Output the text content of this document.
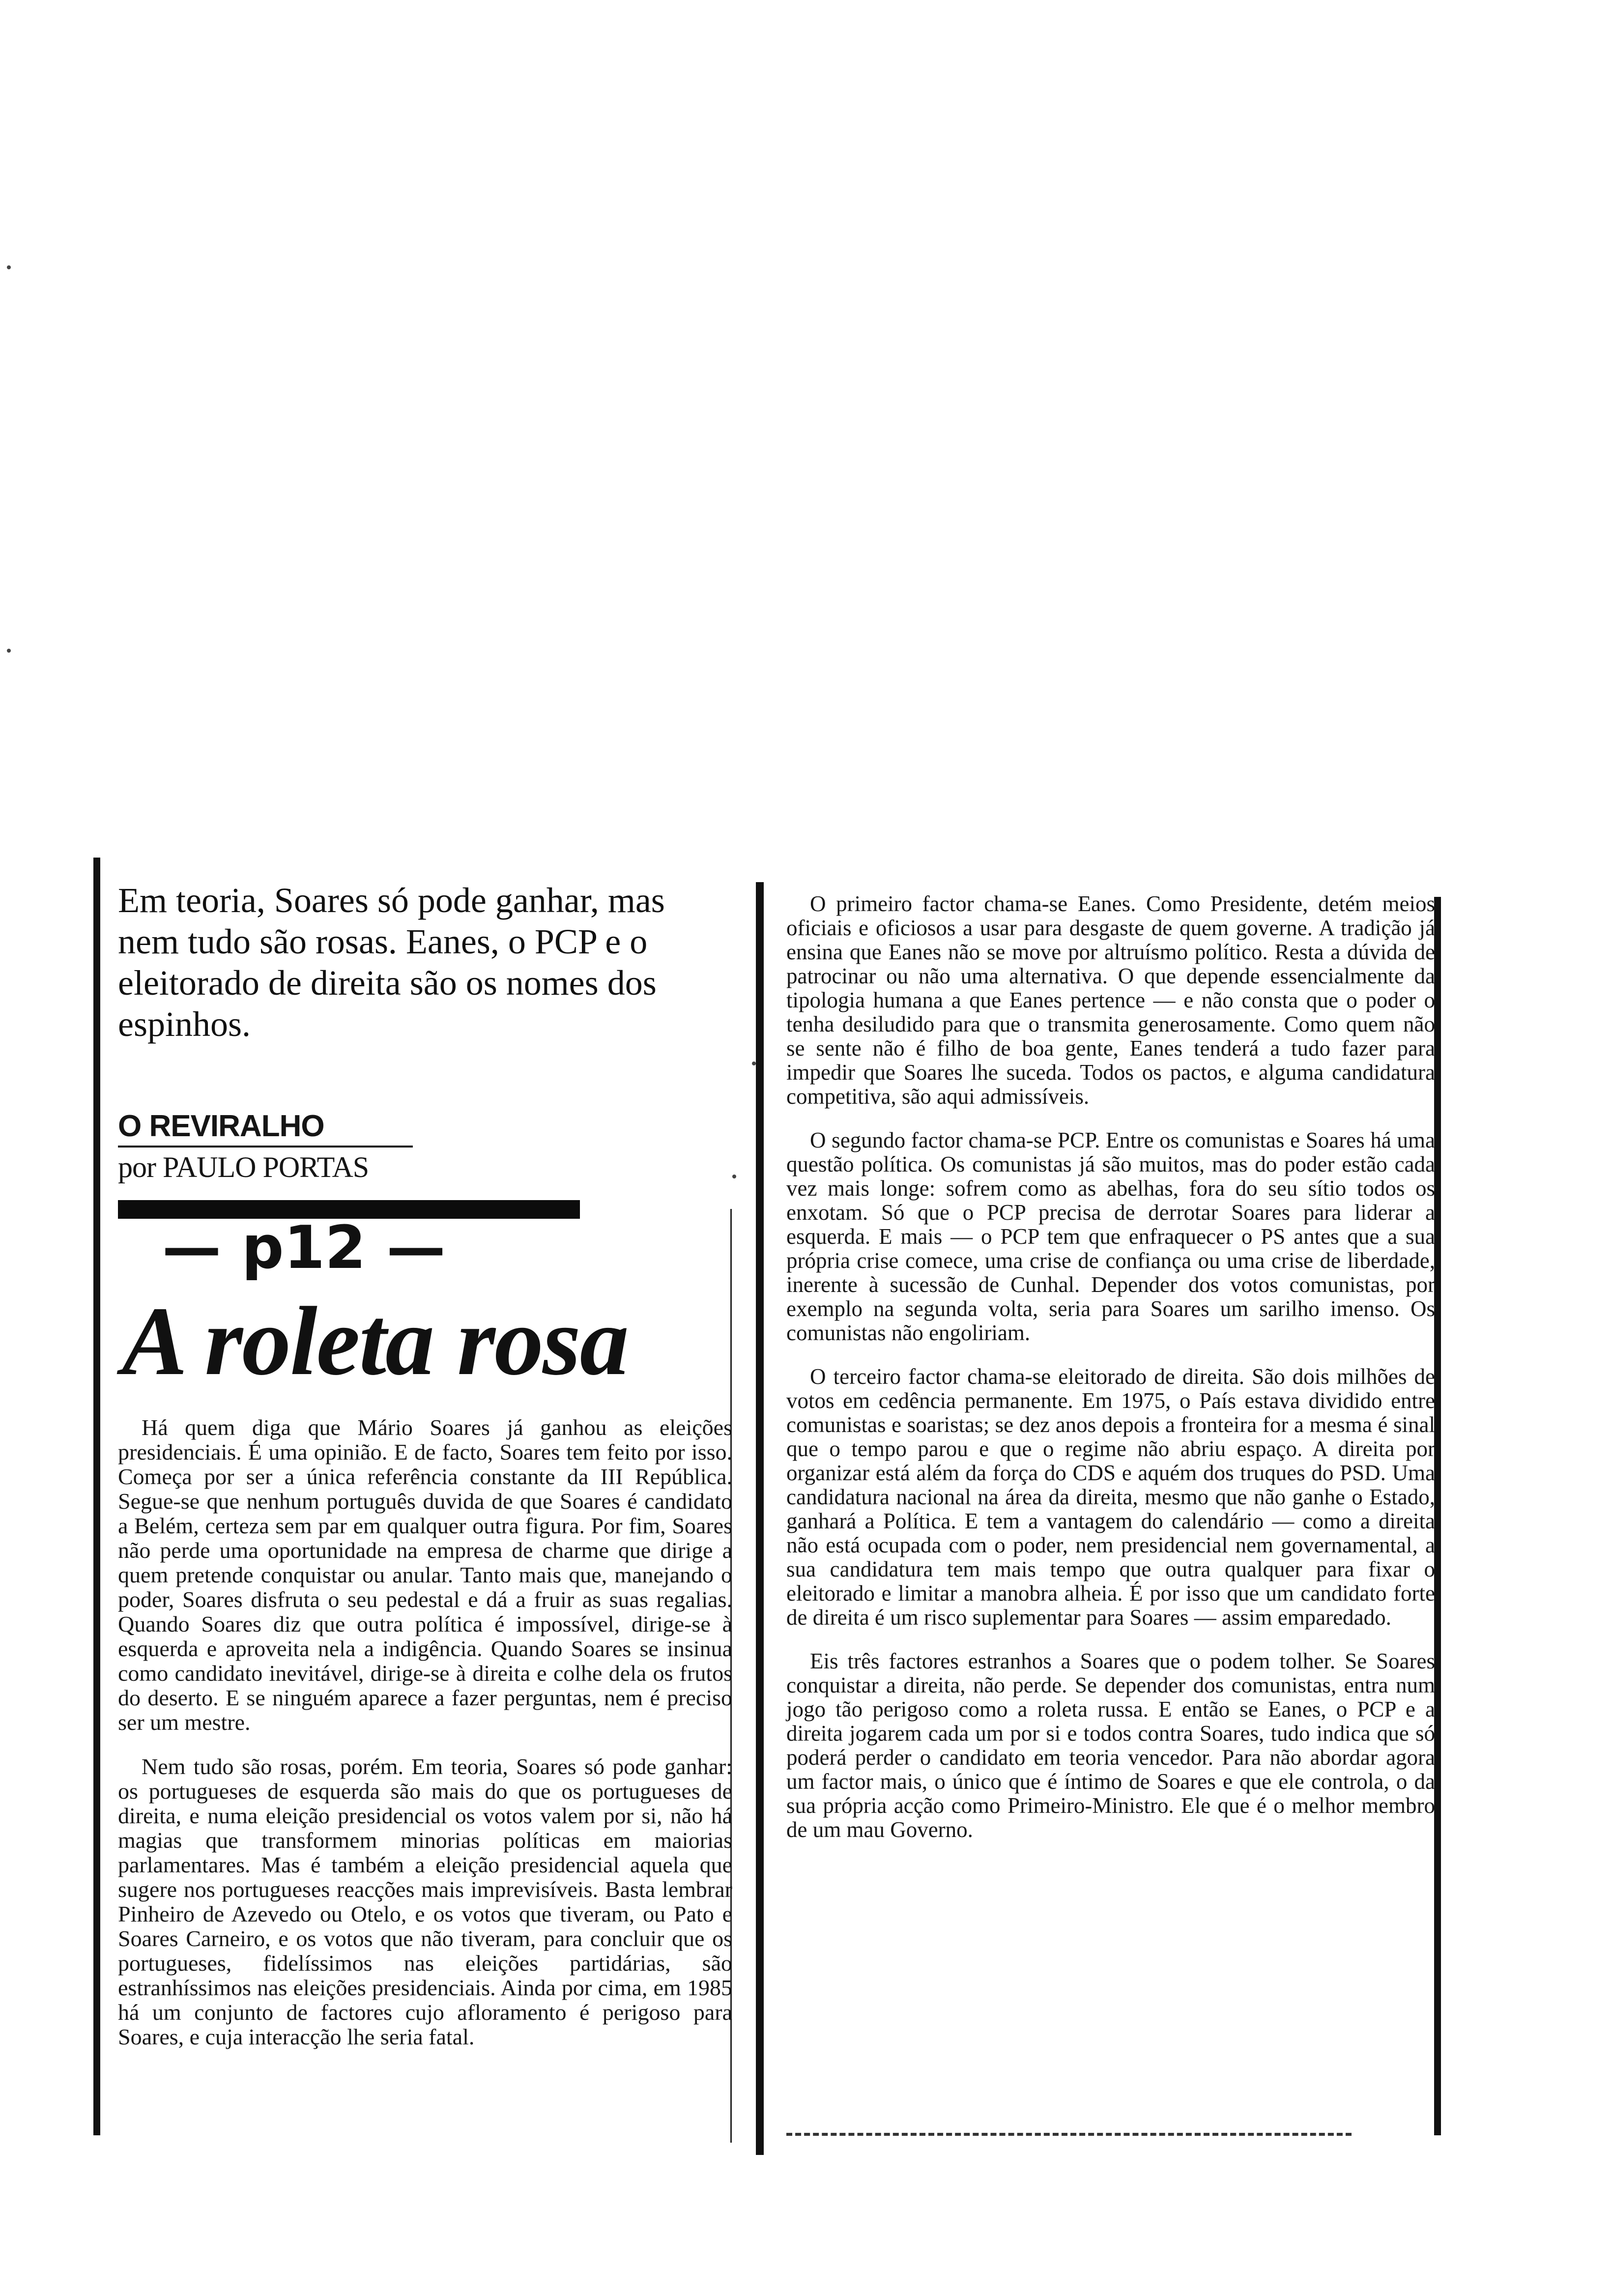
Em teoria, Soares só pode ganhar, mas nem tudo são rosas. Eanes, o PCP e o eleitorado de direita são os nomes dos espinhos.

O REVIRALHO
por PAULO PORTAS
A roleta rosa

Há quem diga que Mário Soares já ganhou as eleições presidenciais. É uma opinião. E de facto, Soares tem feito por isso. Começa por ser a única referência constante da III República. Segue-se que nenhum português duvida de que Soares é candidato a Belém, certeza sem par em qualquer outra figura. Por fim, Soares não perde uma oportunidade na empresa de charme que dirige a quem pretende conquistar ou anular. Tanto mais que, manejando o poder, Soares disfruta o seu pedestal e dá a fruir as suas regalias. Quando Soares diz que outra política é impossível, dirige-se à esquerda e aproveita nela a indigência. Quando Soares se insinua como candidato inevitável, dirige-se à direita e colhe dela os frutos do deserto. E se ninguém aparece a fazer perguntas, nem é preciso ser um mestre.

Nem tudo são rosas, porém. Em teoria, Soares só pode ganhar: os portugueses de esquerda são mais do que os portugueses de direita, e numa eleição presidencial os votos valem por si, não há magias que transformem minorias políticas em maiorias parlamentares. Mas é também a eleição presidencial aquela que sugere nos portugueses reacções mais imprevisíveis. Basta lembrar Pinheiro de Azevedo ou Otelo, e os votos que tiveram, ou Pato e Soares Carneiro, e os votos que não tiveram, para concluir que os portugueses, fidelíssimos nas eleições partidárias, são estranhíssimos nas eleições presidenciais. Ainda por cima, em 1985 há um conjunto de factores cujo afloramento é perigoso para Soares, e cuja interacção lhe seria fatal.

— p12 —

O primeiro factor chama-se Eanes. Como Presidente, detém meios oficiais e oficiosos a usar para desgaste de quem governe. A tradição já ensina que Eanes não se move por altruísmo político. Resta a dúvida de patrocinar ou não uma alternativa. O que depende essencialmente da tipologia humana a que Eanes pertence — e não consta que o poder o tenha desiludido para que o transmita generosamente. Como quem não se sente não é filho de boa gente, Eanes tenderá a tudo fazer para impedir que Soares lhe suceda. Todos os pactos, e alguma candidatura competitiva, são aqui admissíveis.

O segundo factor chama-se PCP. Entre os comunistas e Soares há uma questão política. Os comunistas já são muitos, mas do poder estão cada vez mais longe: sofrem como as abelhas, fora do seu sítio todos os enxotam. Só que o PCP precisa de derrotar Soares para liderar a esquerda. E mais — o PCP tem que enfraquecer o PS antes que a sua própria crise comece, uma crise de confiança ou uma crise de liberdade, inerente à sucessão de Cunhal. Depender dos votos comunistas, por exemplo na segunda volta, seria para Soares um sarilho imenso. Os comunistas não engoliriam.

O terceiro factor chama-se eleitorado de direita. São dois milhões de votos em cedência permanente. Em 1975, o País estava dividido entre comunistas e soaristas; se dez anos depois a fronteira for a mesma é sinal que o tempo parou e que o regime não abriu espaço. A direita por organizar está além da força do CDS e aquém dos truques do PSD. Uma candidatura nacional na área da direita, mesmo que não ganhe o Estado, ganhará a Política. E tem a vantagem do calendário — como a direita não está ocupada com o poder, nem presidencial nem governamental, a sua candidatura tem mais tempo que outra qualquer para fixar o eleitorado e limitar a manobra alheia. É por isso que um candidato forte de direita é um risco suplementar para Soares — assim emparedado.

Eis três factores estranhos a Soares que o podem tolher. Se Soares conquistar a direita, não perde. Se depender dos comunistas, entra num jogo tão perigoso como a roleta russa. E então se Eanes, o PCP e a direita jogarem cada um por si e todos contra Soares, tudo indica que só poderá perder o candidato em teoria vencedor. Para não abordar agora um factor mais, o único que é íntimo de Soares e que ele controla, o da sua própria acção como Primeiro-Ministro. Ele que é o melhor membro de um mau Governo.
